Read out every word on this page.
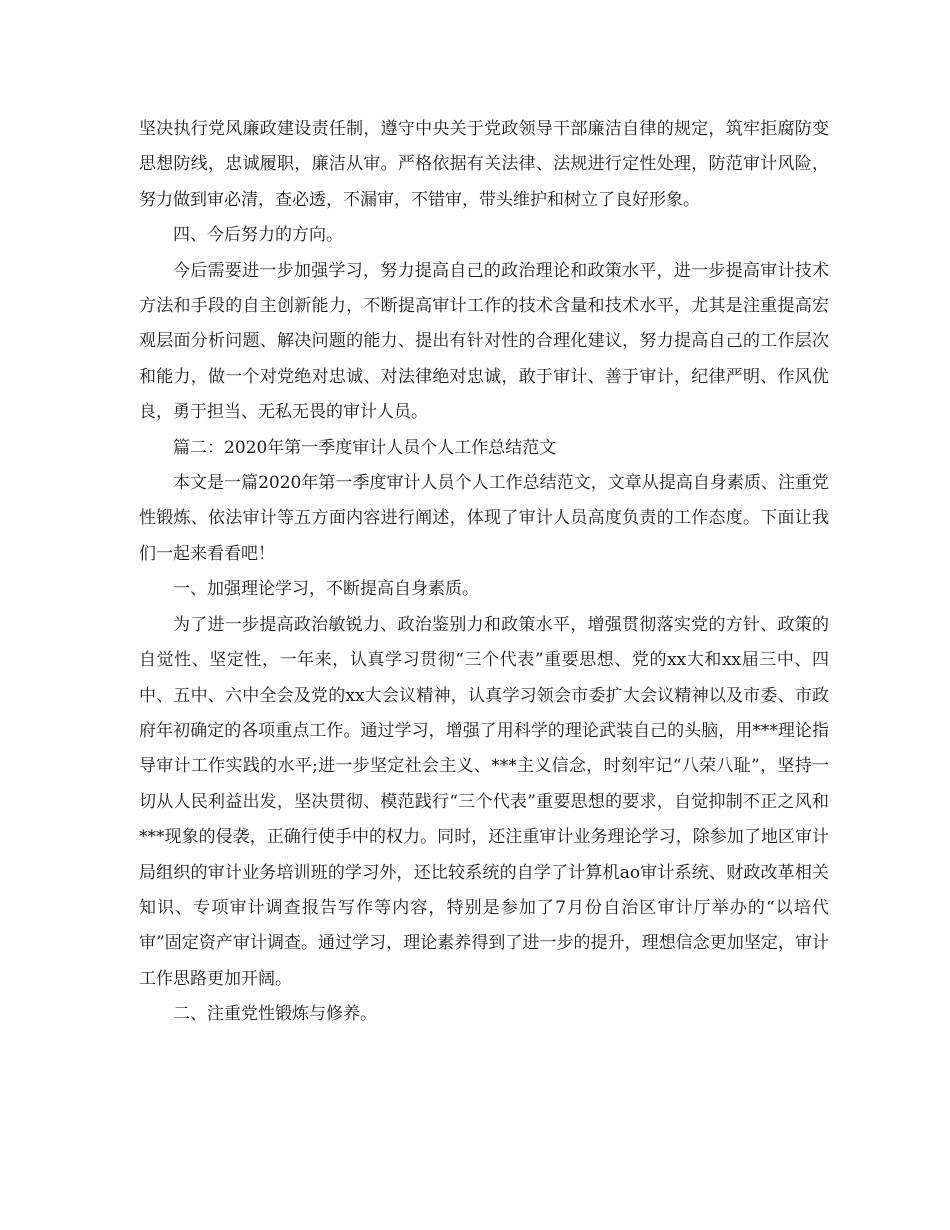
坚决执行党风廉政建设责任制，遵守中央关于党政领导干部廉洁自律的规定，筑牢拒腐防变思想防线，忠诚履职，廉洁从审。严格依据有关法律、法规进行定性处理，防范审计风险，努力做到审必清，查必透，不漏审，不错审，带头维护和树立了良好形象。

四、今后努力的方向。

今后需要进一步加强学习，努力提高自己的政治理论和政策水平，进一步提高审计技术方法和手段的自主创新能力，不断提高审计工作的技术含量和技术水平，尤其是注重提高宏观层面分析问题、解决问题的能力、提出有针对性的合理化建议，努力提高自己的工作层次和能力，做一个对党绝对忠诚、对法律绝对忠诚，敢于审计、善于审计，纪律严明、作风优良，勇于担当、无私无畏的审计人员。

篇二：2020年第一季度审计人员个人工作总结范文

本文是一篇2020年第一季度审计人员个人工作总结范文，文章从提高自身素质、注重党性锻炼、依法审计等五方面内容进行阐述，体现了审计人员高度负责的工作态度。下面让我们一起来看看吧！

一、加强理论学习，不断提高自身素质。

为了进一步提高政治敏锐力、政治鉴别力和政策水平，增强贯彻落实党的方针、政策的自觉性、坚定性，一年来，认真学习贯彻“三个代表”重要思想、党的xx大和xx届三中、四中、五中、六中全会及党的xx大会议精神，认真学习领会市委扩大会议精神以及市委、市政府年初确定的各项重点工作。通过学习，增强了用科学的理论武装自己的头脑，用***理论指导审计工作实践的水平;进一步坚定社会主义、***主义信念，时刻牢记“八荣八耻”，坚持一切从人民利益出发，坚决贯彻、模范践行“三个代表”重要思想的要求，自觉抑制不正之风和***现象的侵袭，正确行使手中的权力。同时，还注重审计业务理论学习，除参加了地区审计局组织的审计业务培训班的学习外，还比较系统的自学了计算机ao审计系统、财政改革相关知识、专项审计调查报告写作等内容，特别是参加了7月份自治区审计厅举办的“以培代审”固定资产审计调查。通过学习，理论素养得到了进一步的提升，理想信念更加坚定，审计工作思路更加开阔。

二、注重党性锻炼与修养。
